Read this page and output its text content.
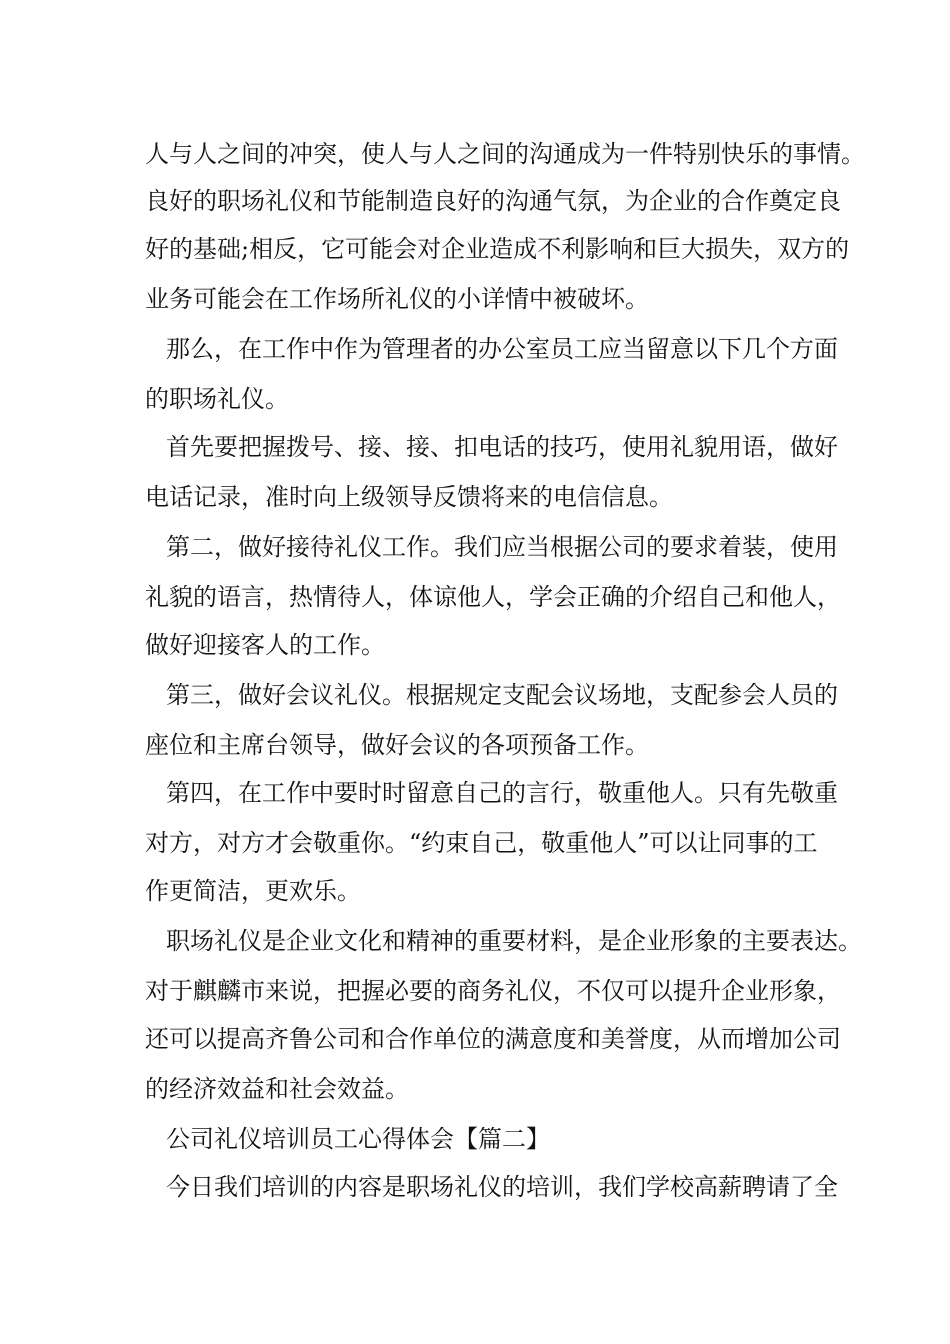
人与人之间的冲突，使人与人之间的沟通成为一件特别快乐的事情。
良好的职场礼仪和节能制造良好的沟通气氛，为企业的合作奠定良
好的基础;相反，它可能会对企业造成不利影响和巨大损失，双方的
业务可能会在工作场所礼仪的小详情中被破坏。
那么，在工作中作为管理者的办公室员工应当留意以下几个方面
的职场礼仪。
首先要把握拨号、接、接、扣电话的技巧，使用礼貌用语，做好
电话记录，准时向上级领导反馈将来的电信信息。
第二，做好接待礼仪工作。我们应当根据公司的要求着装，使用
礼貌的语言，热情待人，体谅他人，学会正确的介绍自己和他人，
做好迎接客人的工作。
第三，做好会议礼仪。根据规定支配会议场地，支配参会人员的
座位和主席台领导，做好会议的各项预备工作。
第四，在工作中要时时留意自己的言行，敬重他人。只有先敬重
对方，对方才会敬重你。“约束自己，敬重他人”可以让同事的工
作更简洁，更欢乐。
职场礼仪是企业文化和精神的重要材料，是企业形象的主要表达。
对于麒麟市来说，把握必要的商务礼仪，不仅可以提升企业形象，
还可以提高齐鲁公司和合作单位的满意度和美誉度，从而增加公司
的经济效益和社会效益。
公司礼仪培训员工心得体会【篇二】
今日我们培训的内容是职场礼仪的培训，我们学校高薪聘请了全
